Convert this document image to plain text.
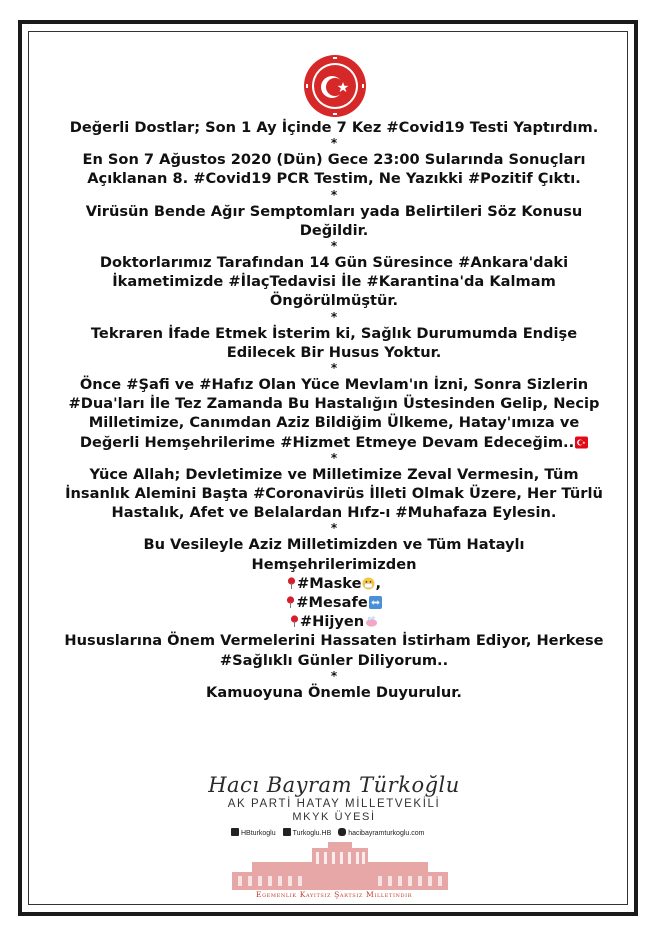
Değerli Dostlar; Son 1 Ay İçinde 7 Kez #Covid19 Testi Yaptırdım.

*

En Son 7 Ağustos 2020 (Dün) Gece 23:00 Sularında Sonuçları Açıklanan 8. #Covid19 PCR Testim, Ne Yazıkki #Pozitif Çıktı.

*

Virüsün Bende Ağır Semptomları yada Belirtileri Söz Konusu Değildir.

*

Doktorlarımız Tarafından 14 Gün Süresince #Ankara'daki İkametimizde #İlaçTedavisi İle #Karantina'da Kalmam Öngörülmüştür.

*

Tekraren İfade Etmek İsterim ki, Sağlık Durumumda Endişe Edilecek Bir Husus Yoktur.

*

Önce #Şafi ve #Hafız Olan Yüce Mevlam'ın İzni, Sonra Sizlerin #Dua'ları İle Tez Zamanda Bu Hastalığın Üstesinden Gelip, Necip Milletimize, Canımdan Aziz Bildiğim Ülkeme, Hatay'ımıza ve Değerli Hemşehrilerime #Hizmet Etmeye Devam Edeceğim..

*

Yüce Allah; Devletimize ve Milletimize Zeval Vermesin, Tüm İnsanlık Alemini Başta #Coronavirüs İlleti Olmak Üzere, Her Türlü Hastalık, Afet ve Belalardan Hıfz-ı #Muhafaza Eylesin.

*

Bu Vesileyle Aziz Milletimizden ve Tüm Hataylı Hemşehrilerimizden
#Maske ,
#Mesafe
#Hijyen
Hususlarına Önem Vermelerini Hassaten İstirham Ediyor, Herkese #Sağlıklı Günler Diliyorum..

*

Kamuoyuna Önemle Duyurulur.

Hacı Bayram Türkoğlu
AK PARTİ HATAY MİLLETVEKİLİ
MKYK ÜYESİ
HBturkoglu Turkoglu.HB hacibayramturkoglu.com
Egemenlik Kayıtsız Şartsız Milletindir
